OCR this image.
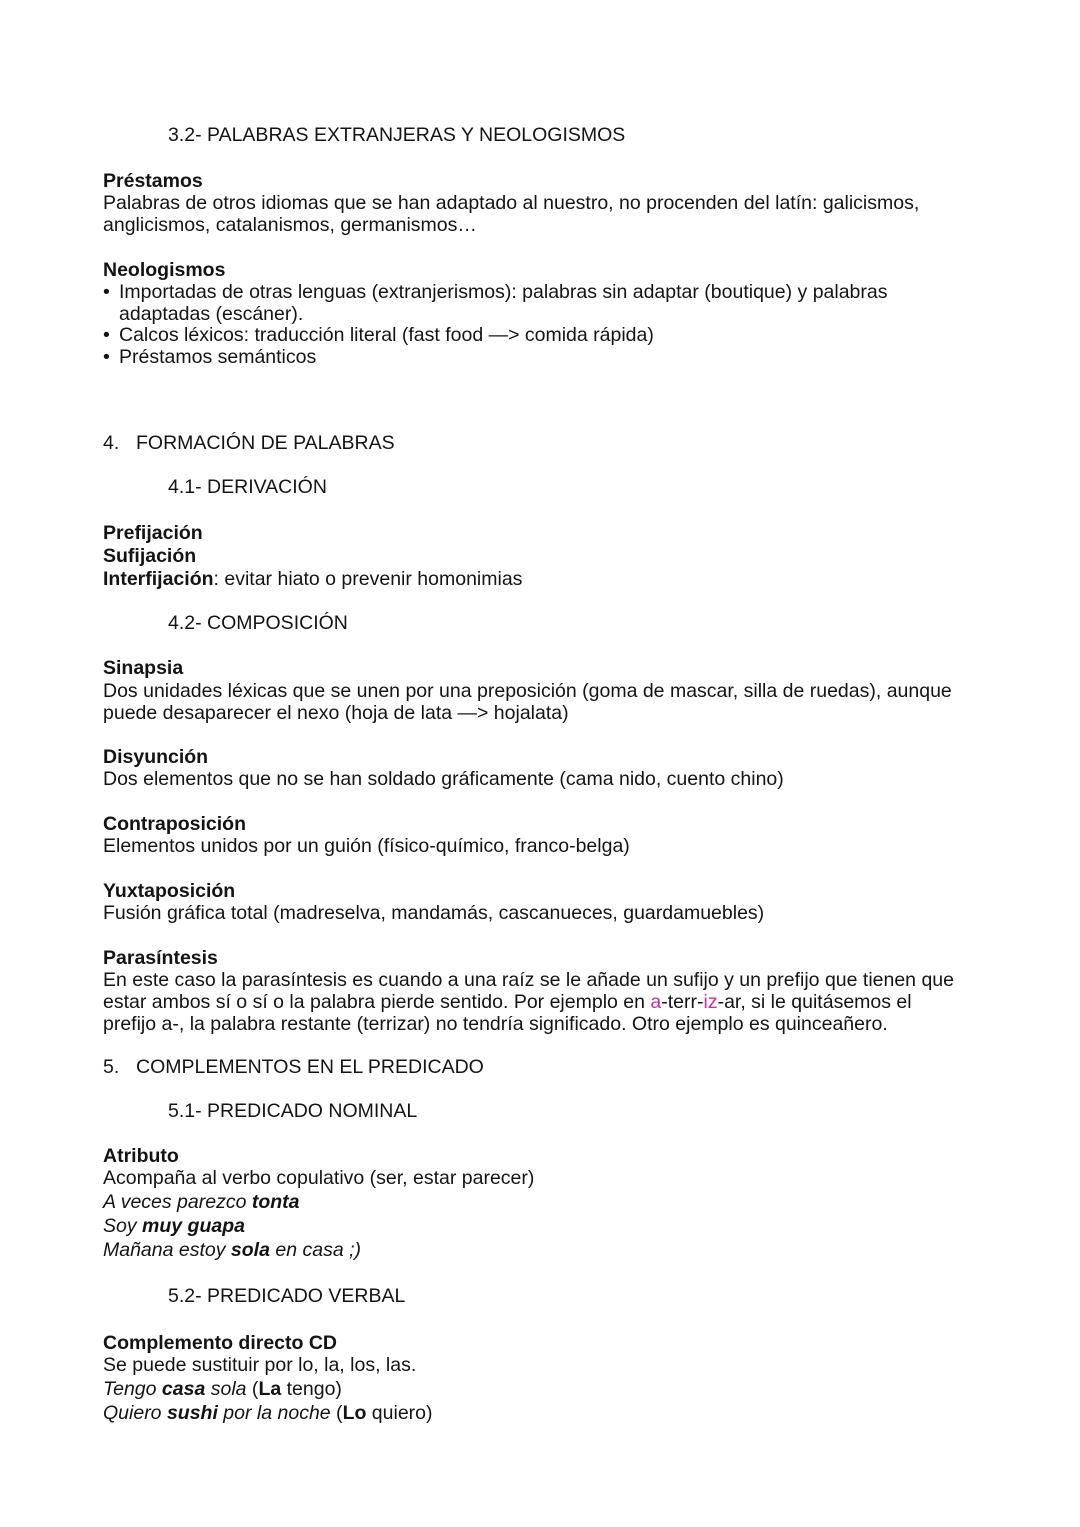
3.2- PALABRAS EXTRANJERAS Y NEOLOGISMOS
Préstamos
Palabras de otros idiomas que se han adaptado al nuestro, no procenden del latín: galicismos,
anglicismos, catalanismos, germanismos…
Neologismos
• Importadas de otras lenguas (extranjerismos): palabras sin adaptar (boutique) y palabras
adaptadas (escáner).
• Calcos léxicos: traducción literal (fast food —> comida rápida)
• Préstamos semánticos
4. FORMACIÓN DE PALABRAS
4.1- DERIVACIÓN
Prefijación
Sufijación
Interfijación: evitar hiato o prevenir homonimias
4.2- COMPOSICIÓN
Sinapsia
Dos unidades léxicas que se unen por una preposición (goma de mascar, silla de ruedas), aunque
puede desaparecer el nexo (hoja de lata —> hojalata)
Disyunción
Dos elementos que no se han soldado gráficamente (cama nido, cuento chino)
Contraposición
Elementos unidos por un guión (físico-químico, franco-belga)
Yuxtaposición
Fusión gráfica total (madreselva, mandamás, cascanueces, guardamuebles)
Parasíntesis
En este caso la parasíntesis es cuando a una raíz se le añade un sufijo y un prefijo que tienen que
estar ambos sí o sí o la palabra pierde sentido. Por ejemplo en a-terr-iz-ar, si le quitásemos el
prefijo a-, la palabra restante (terrizar) no tendría significado. Otro ejemplo es quinceañero.
5. COMPLEMENTOS EN EL PREDICADO
5.1- PREDICADO NOMINAL
Atributo
Acompaña al verbo copulativo (ser, estar parecer)
A veces parezco tonta
Soy muy guapa
Mañana estoy sola en casa ;)
5.2- PREDICADO VERBAL
Complemento directo CD
Se puede sustituir por lo, la, los, las.
Tengo casa sola (La tengo)
Quiero sushi por la noche (Lo quiero)
